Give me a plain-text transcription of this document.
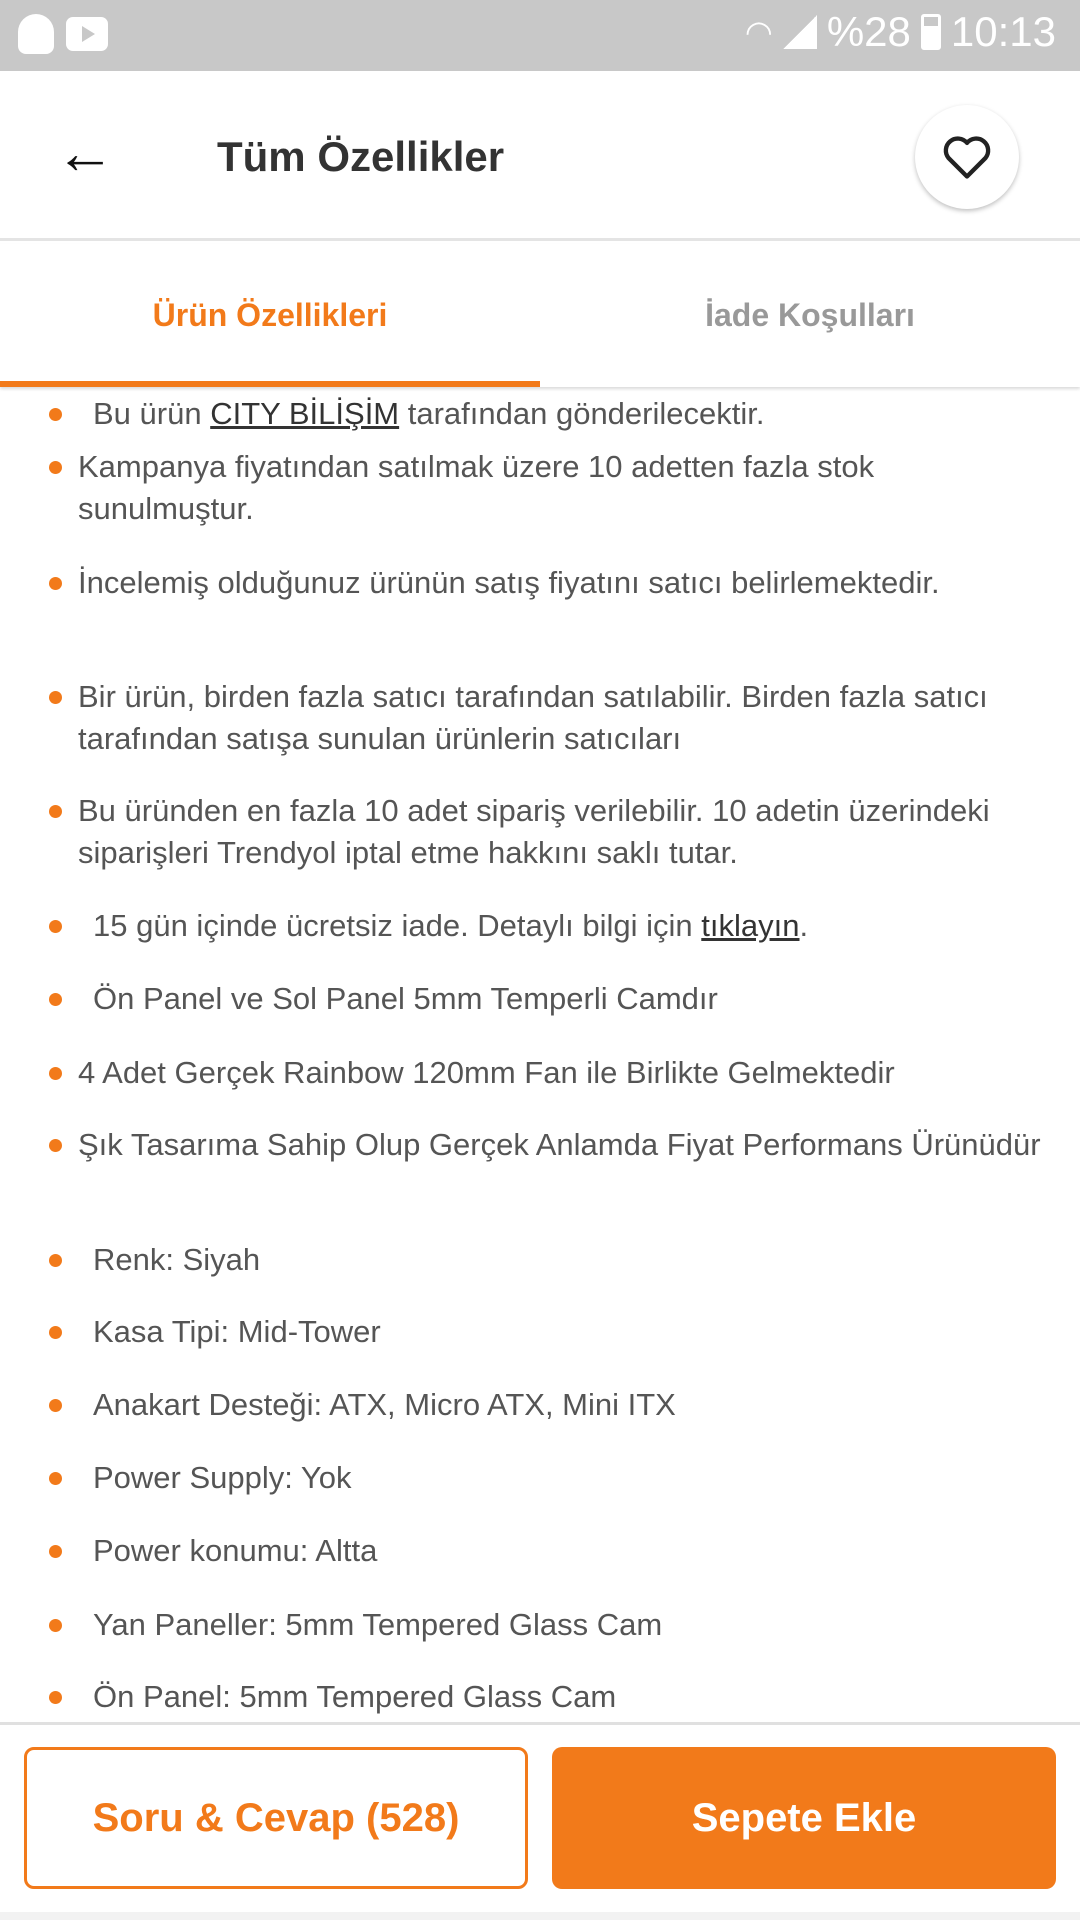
◠ %28 10:13
← Tüm Özellikler
Ürün Özellikleri	İade Koşulları
Bu ürün CITY BİLİŞİM tarafından gönderilecektir.
Kampanya fiyatından satılmak üzere 10 adetten fazla stok sunulmuştur.
İncelemiş olduğunuz ürünün satış fiyatını satıcı belirlemektedir.
Bir ürün, birden fazla satıcı tarafından satılabilir. Birden fazla satıcı tarafından satışa sunulan ürünlerin satıcıları
Bu üründen en fazla 10 adet sipariş verilebilir. 10 adetin üzerindeki siparişleri Trendyol iptal etme hakkını saklı tutar.
15 gün içinde ücretsiz iade. Detaylı bilgi için tıklayın.
Ön Panel ve Sol Panel 5mm Temperli Camdır
4 Adet Gerçek Rainbow 120mm Fan ile Birlikte Gelmektedir
Şık Tasarıma Sahip Olup Gerçek Anlamda Fiyat Performans Ürünüdür
Renk: Siyah
Kasa Tipi: Mid-Tower
Anakart Desteği: ATX, Micro ATX, Mini ITX
Power Supply: Yok
Power konumu: Altta
Yan Paneller: 5mm Tempered Glass Cam
Ön Panel: 5mm Tempered Glass Cam
Soru & Cevap (528)	Sepete Ekle
